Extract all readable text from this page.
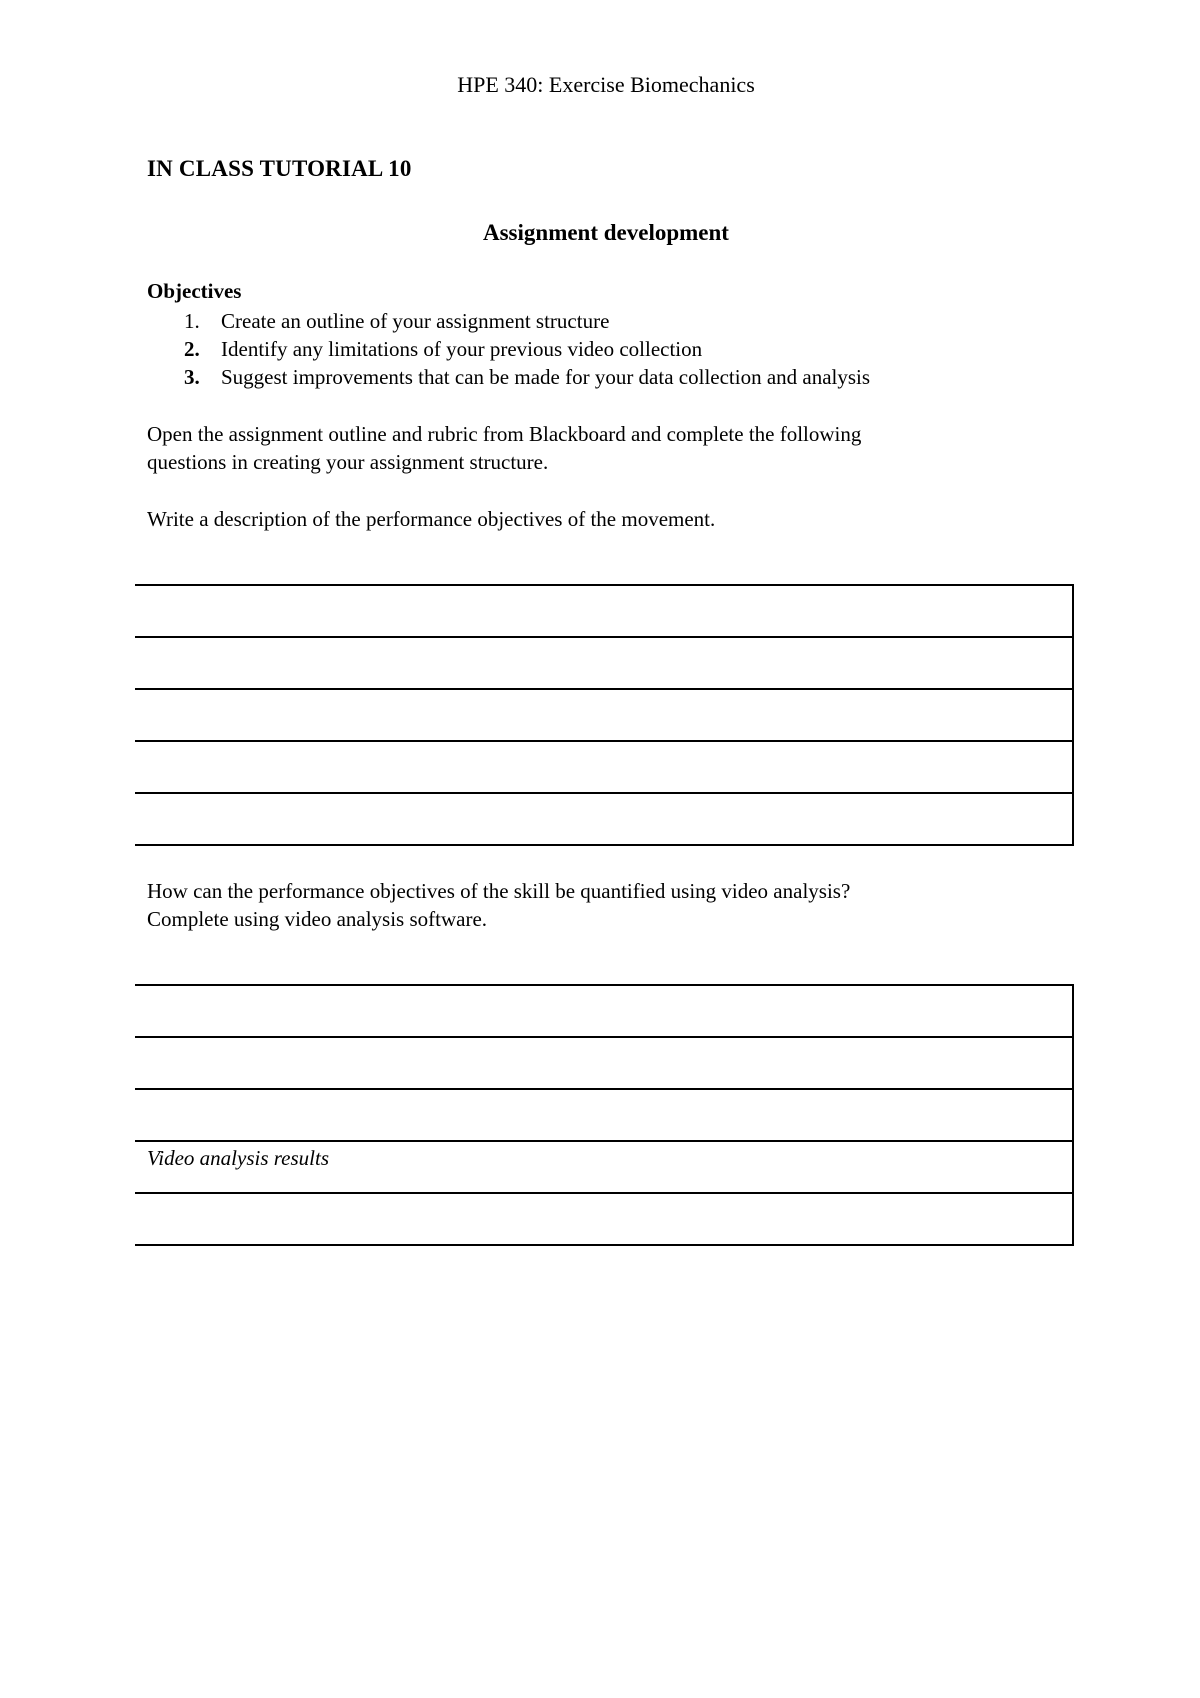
HPE 340: Exercise Biomechanics
IN CLASS TUTORIAL 10
Assignment development
Objectives
1.	Create an outline of your assignment structure
2.	Identify any limitations of your previous video collection
3.	Suggest improvements that can be made for your data collection and analysis

Open the assignment outline and rubric from Blackboard and complete the following
questions in creating your assignment structure.

Write a description of the performance objectives of the movement.

How can the performance objectives of the skill be quantified using video analysis?
Complete using video analysis software.

Video analysis results
